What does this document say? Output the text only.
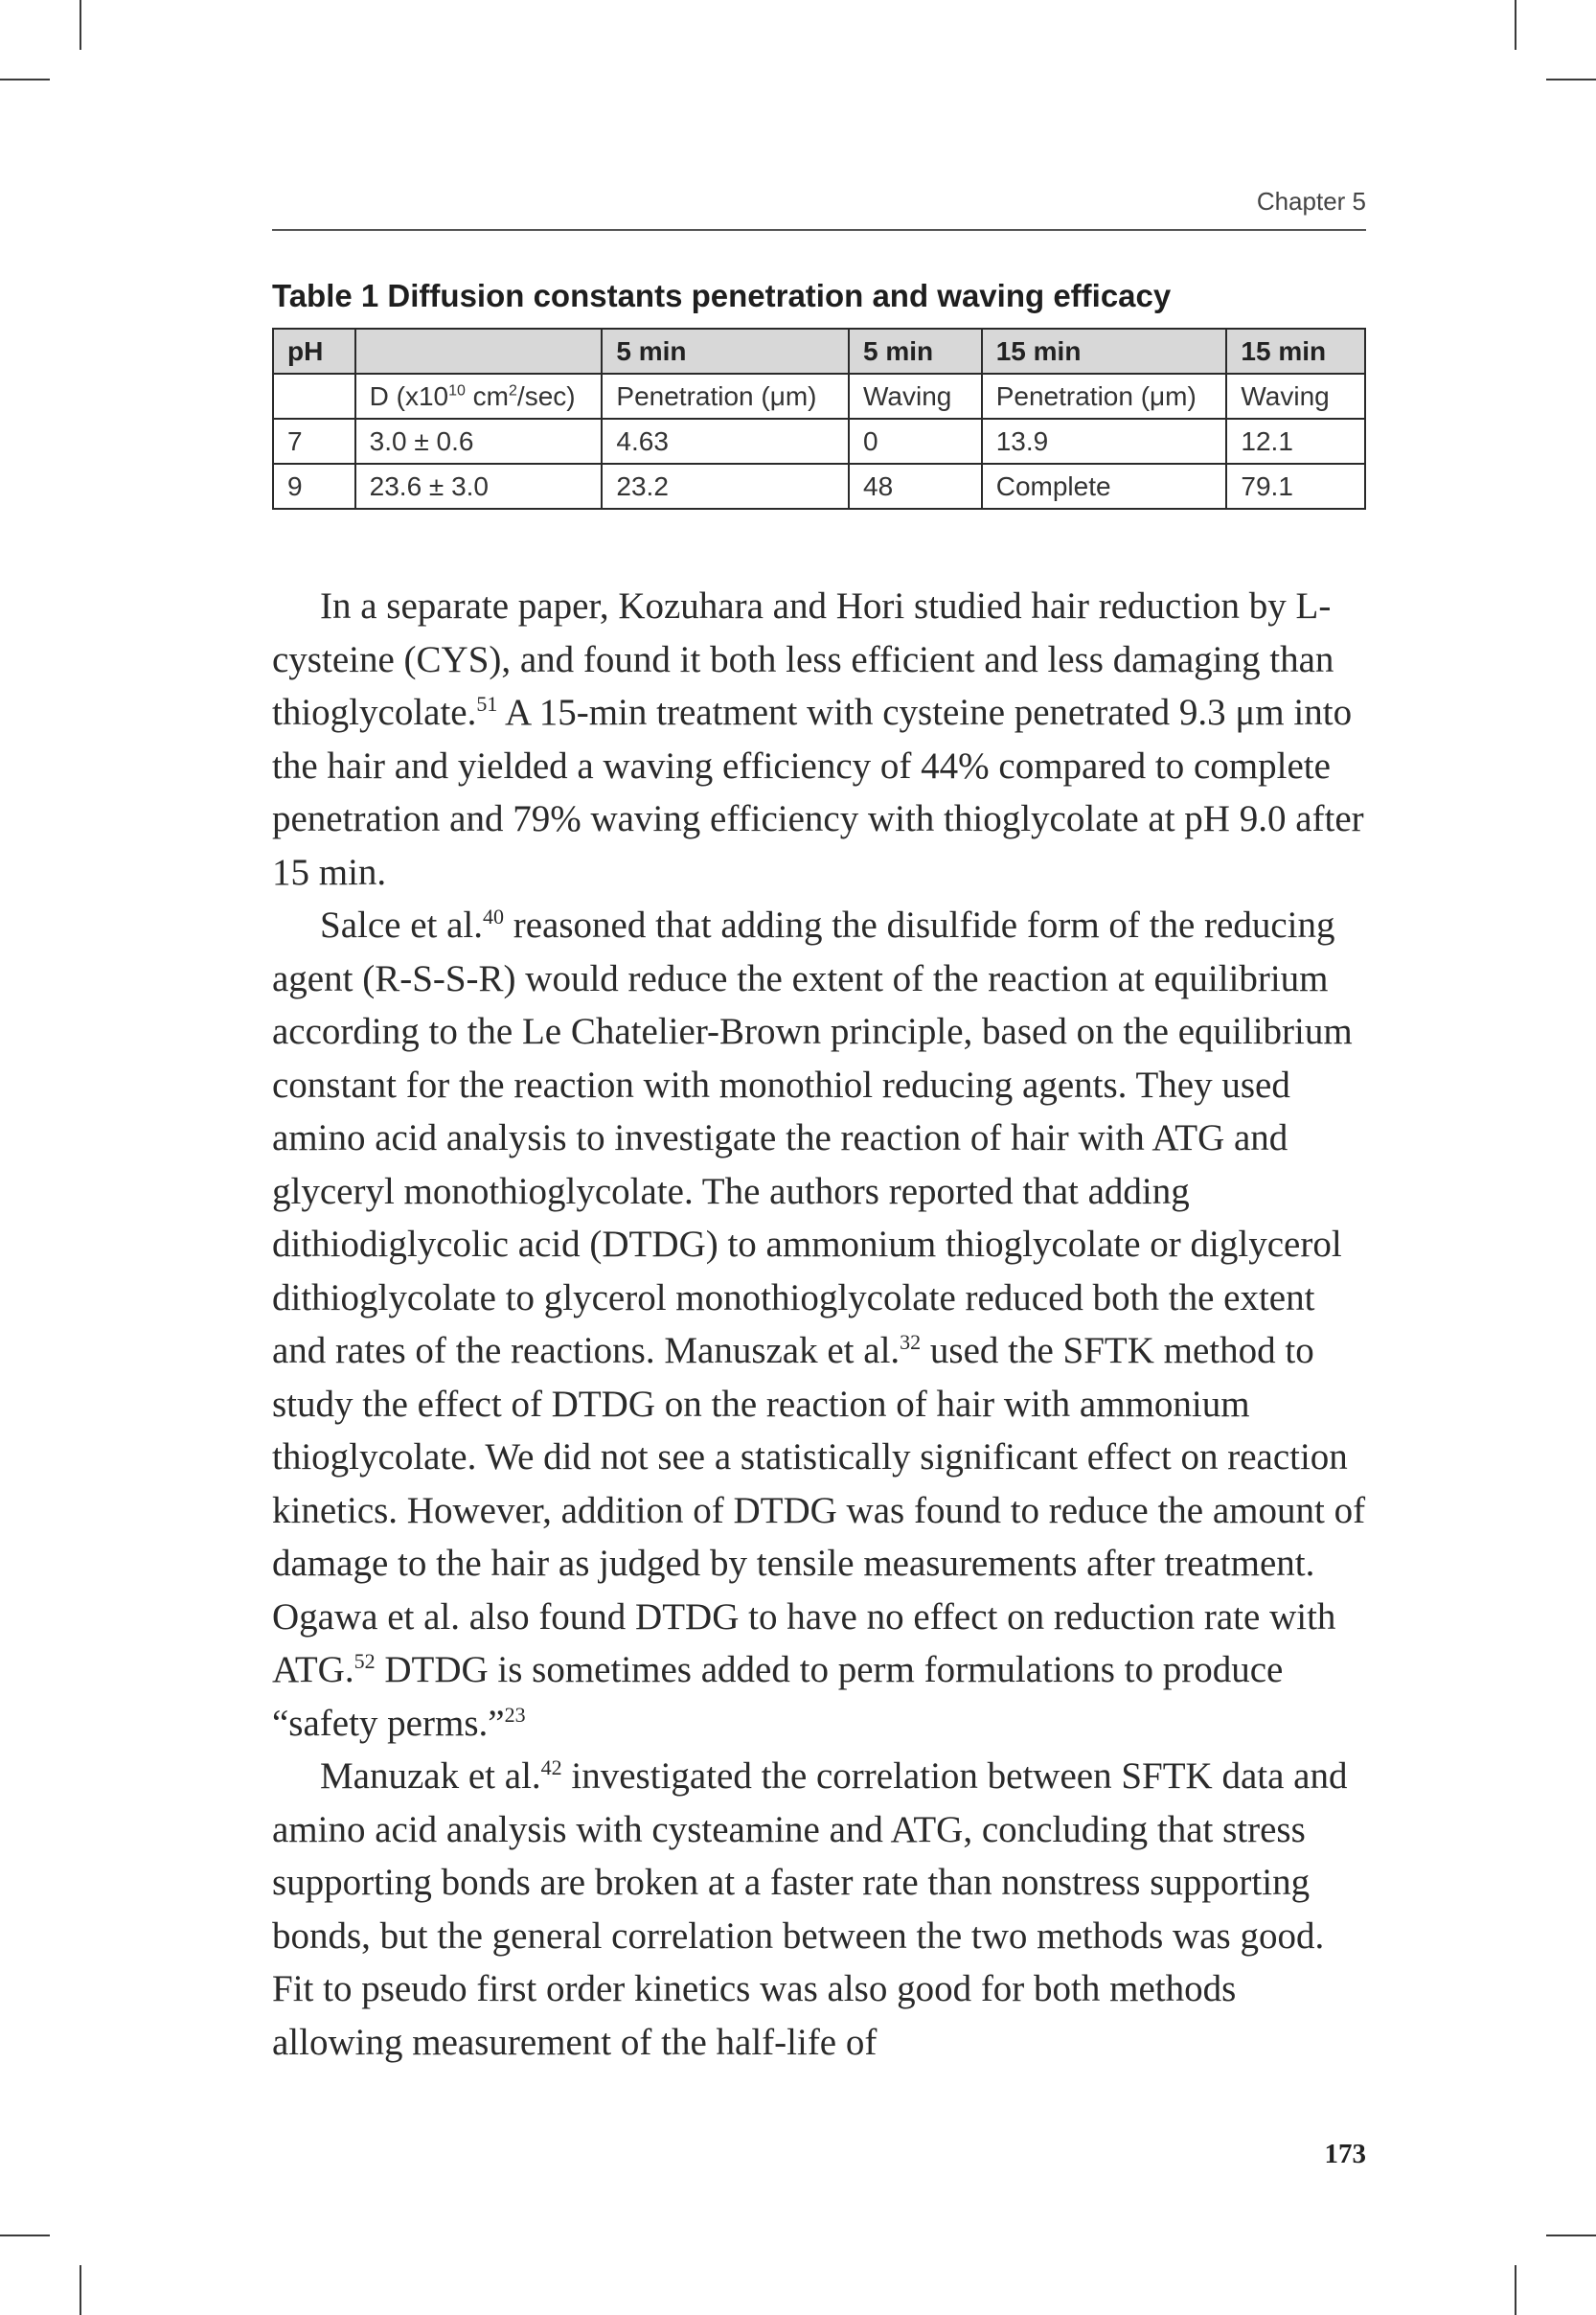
Chapter 5
Table 1 Diffusion constants penetration and waving efficacy
pH		5 min	5 min	15 min	15 min
	D ($x10^{10}$ $cm^2/\sec$)	Penetration (μm)	Waving	Penetration (μm)	Waving
7	3.0 ± 0.6	4.63	0	13.9	12.1
9	23.6 ± 3.0	23.2	48	Complete	79.1

In a separate paper, Kozuhara and Hori studied hair reduction by L-cysteine (CYS), and found it both less efficient and less damaging than thioglycolate.$^{51}$ A 15-min treatment with cysteine penetrated 9.3 μm into the hair and yielded a waving efficiency of 44% compared to complete penetration and 79% waving efficiency with thioglycolate at pH 9.0 after 15 min.

Salce et al.$^{40}$ reasoned that adding the disulfide form of the reducing agent (R-S-S-R) would reduce the extent of the reaction at equilibrium according to the Le Chatelier-Brown principle, based on the equilibrium constant for the reaction with monothiol reducing agents. They used amino acid analysis to investigate the reaction of hair with ATG and glyceryl monothioglycolate. The authors reported that adding dithiodiglycolic acid (DTDG) to ammonium thioglycolate or diglycerol dithioglycolate to glycerol monothioglycolate reduced both the extent and rates of the reactions. Manuszak et al.$^{32}$ used the SFTK method to study the effect of DTDG on the reaction of hair with ammonium thioglycolate. We did not see a statistically significant effect on reaction kinetics. However, addition of DTDG was found to reduce the amount of damage to the hair as judged by tensile measurements after treatment. Ogawa et al. also found DTDG to have no effect on reduction rate with ATG.$^{52}$ DTDG is sometimes added to perm formulations to produce “safety perms.”$^{23}$

Manuzak et al.$^{42}$ investigated the correlation between SFTK data and amino acid analysis with cysteamine and ATG, concluding that stress supporting bonds are broken at a faster rate than nonstress supporting bonds, but the general correlation between the two methods was good. Fit to pseudo first order kinetics was also good for both methods allowing measurement of the half-life of

173
